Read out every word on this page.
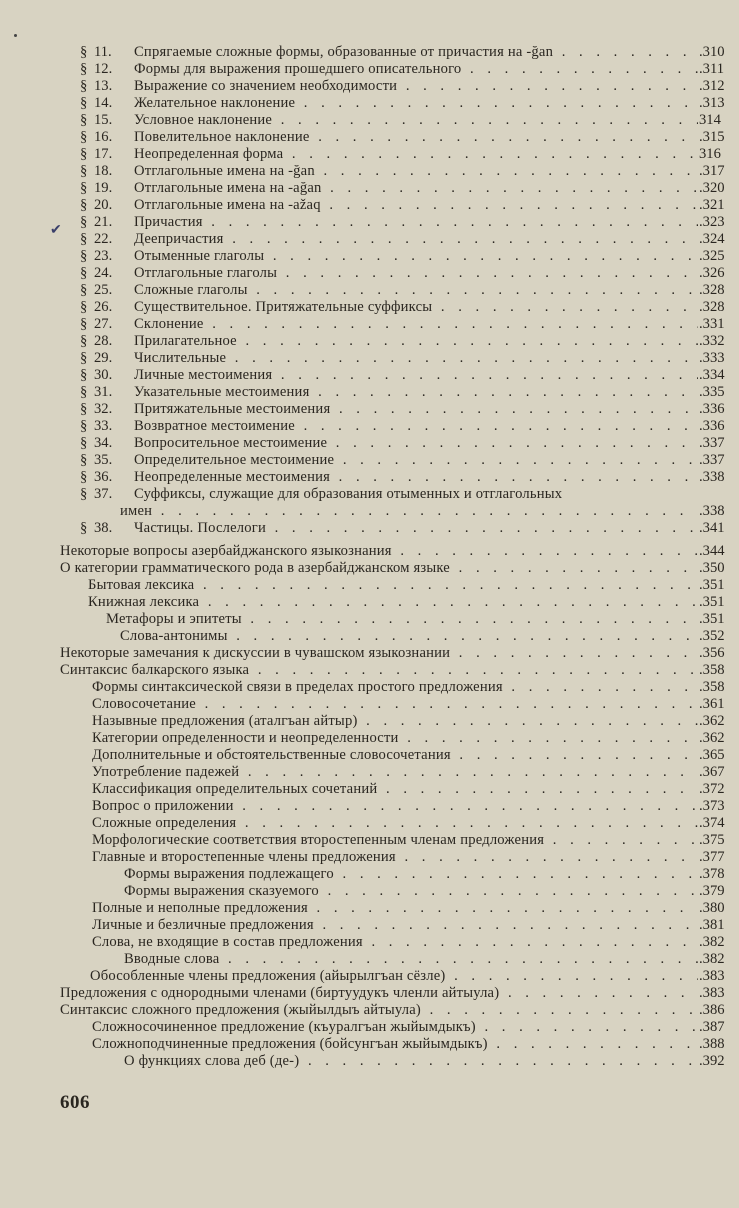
✔
§ 11.	Спрягаемые сложные формы, образованные от причастия на -ğan . . .	.310
§ 12.	Формы для выражения прошедшего описательного . . .	.311
§ 13.	Выражение со значением необходимости . . .	.312
§ 14.	Желательное наклонение . . .	.313
§ 15.	Условное наклонение . . .	314
§ 16.	Повелительное наклонение . . .	.315
§ 17.	Неопределенная форма . . .	316
§ 18.	Отглагольные имена на -ğan . . .	.317
§ 19.	Отглагольные имена на -ağan . . .	.320
§ 20.	Отглагольные имена на -ažaq . . .	.321
§ 21.	Причастия . . .	.323
§ 22.	Деепричастия . . .	.324
§ 23.	Отыменные глаголы . . .	.325
§ 24.	Отглагольные глаголы . . .	.326
§ 25.	Сложные глаголы . . .	.328
§ 26.	Существительное. Притяжательные суффиксы . . .	.328
§ 27.	Склонение . . .	.331
§ 28.	Прилагательное . . .	.332
§ 29.	Числительные . . .	.333
§ 30.	Личные местоимения . . .	.334
§ 31.	Указательные местоимения . . .	.335
§ 32.	Притяжательные местоимения . . .	.336
§ 33.	Возвратное местоимение . . .	.336
§ 34.	Вопросительное местоимение . . .	.337
§ 35.	Определительное местоимение . . .	.337
§ 36.	Неопределенные местоимения . . .	.338
§ 37.	Суффиксы, служащие для образования отыменных и отглагольных
имен . . .	.338
§ 38.	Частицы. Послелоги . . .	.341
Некоторые вопросы азербайджанского языкознания . . .	.344
О категории грамматического рода в азербайджанском языке . . .	.350
Бытовая лексика . . .	.351
Книжная лексика . . .	.351
Метафоры и эпитеты . . .	.351
Слова-антонимы . . .	.352
Некоторые замечания к дискуссии в чувашском языкознании . . .	.356
Синтаксис балкарского языка . . .	.358
Формы синтаксической связи в пределах простого предложения . . .	.358
Словосочетание . . .	.361
Назывные предложения (аталгъан айтыр) . . .	.362
Категории определенности и неопределенности . . .	.362
Дополнительные и обстоятельственные словосочетания . . .	.365
Употребление падежей . . .	.367
Классификация определительных сочетаний . . .	.372
Вопрос о приложении . . .	.373
Сложные определения . . .	.374
Морфологические соответствия второстепенным членам предложения . . .	.375
Главные и второстепенные члены предложения . . .	.377
Формы выражения подлежащего . . .	.378
Формы выражения сказуемого . . .	.379
Полные и неполные предложения . . .	.380
Личные и безличные предложения . . .	.381
Слова, не входящие в состав предложения . . .	.382
Вводные слова . . .	.382
Обособленные члены предложения (айырылгъан сёзле) . . .	.383
Предложения с однородными членами (биртуудукъ членли айтыула) . . .	.383
Синтаксис сложного предложения (жыйылдыъ айтыула) . . .	.386
Сложносочиненное предложение (къуралгъан жыйымдыкъ) . . .	.387
Сложноподчиненные предложения (бойсунгъан жыйымдыкъ) . . .	.388
О функциях слова деб (де-) . . .	.392
606
